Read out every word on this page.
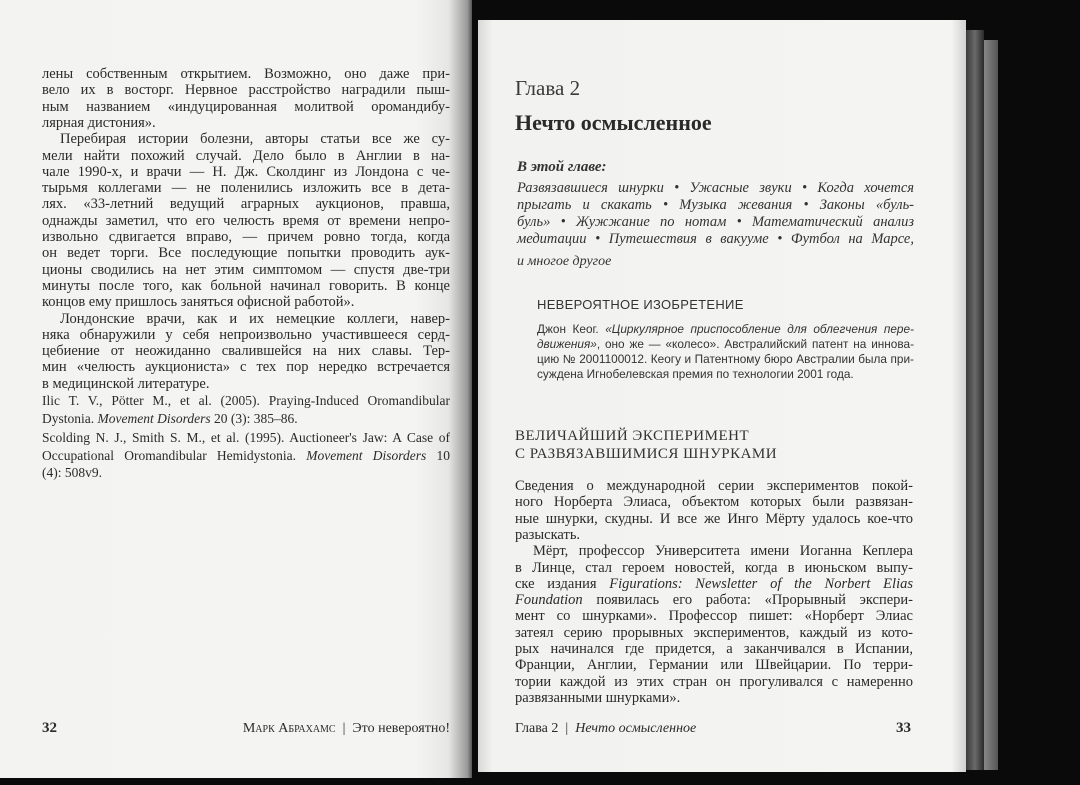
лены собственным открытием. Возможно, оно даже при-
вело их в восторг. Нервное расстройство наградили пыш-
ным названием «индуцированная молитвой оромандибу-
лярная дистония».
Перебирая истории болезни, авторы статьи все же су-
мели найти похожий случай. Дело было в Англии в на-
чале 1990-х, и врачи — Н. Дж. Сколдинг из Лондона с че-
тырьмя коллегами — не поленились изложить все в дета-
лях. «33-летний ведущий аграрных аукционов, правша,
однажды заметил, что его челюсть время от времени непро-
извольно сдвигается вправо, — причем ровно тогда, когда
он ведет торги. Все последующие попытки проводить аук-
ционы сводились на нет этим симптомом — спустя две-три
минуты после того, как больной начинал говорить. В конце
концов ему пришлось заняться офисной работой».
Лондонские врачи, как и их немецкие коллеги, навер-
няка обнаружили у себя непроизвольно участившееся серд-
цебиение от неожиданно свалившейся на них славы. Тер-
мин «челюсть аукциониста» с тех пор нередко встречается
в медицинской литературе.
Ilic T. V., Pötter M., et al. (2005). Praying-Induced Oromandibular
Dystonia. Movement Disorders 20 (3): 385–86.
Scolding N. J., Smith S. M., et al. (1995). Auctioneer's Jaw: A Case of
Occupational Oromandibular Hemidystonia. Movement Disorders 10
(4): 508v9.
Развязавшиеся шнурки • Ужасные звуки • Когда хочется
прыгать и скакать • Музыка жевания • Законы «буль-
буль» • Жужжание по нотам • Математический анализ
медитации • Путешествия в вакууме • Футбол на Марсе,
Джон Кеог. «Циркулярное приспособление для облегчения пере-
движения», оно же — «колесо». Австралийский патент на иннова-
цию № 2001100012. Кеогу и Патентному бюро Австралии была при-
суждена Игнобелевская премия по технологии 2001 года.
Сведения о международной серии экспериментов покой-
ного Норберта Элиаса, объектом которых были развязан-
ные шнурки, скудны. И все же Инго Мёрту удалось кое-что
разыскать.
Мёрт, профессор Университета имени Иоганна Кеплера
в Линце, стал героем новостей, когда в июньском выпу-
ске издания Figurations: Newsletter of the Norbert Elias
Foundation появилась его работа: «Прорывный экспери-
мент со шнурками». Профессор пишет: «Норберт Элиас
затеял серию прорывных экспериментов, каждый из кото-
рых начинался где придется, а заканчивался в Испании,
Франции, Англии, Германии или Швейцарии. По терри-
тории каждой из этих стран он прогуливался с намеренно
развязанными шнурками».
Глава 2
Нечто осмысленное
В этой главе:
и многое другое
НЕВЕРОЯТНОЕ ИЗОБРЕТЕНИЕ
ВЕЛИЧАЙШИЙ ЭКСПЕРИМЕНТ
С РАЗВЯЗАВШИМИСЯ ШНУРКАМИ
32	Марк Абрахамс | Это невероятно!	Глава 2 | Нечто осмысленное	33
